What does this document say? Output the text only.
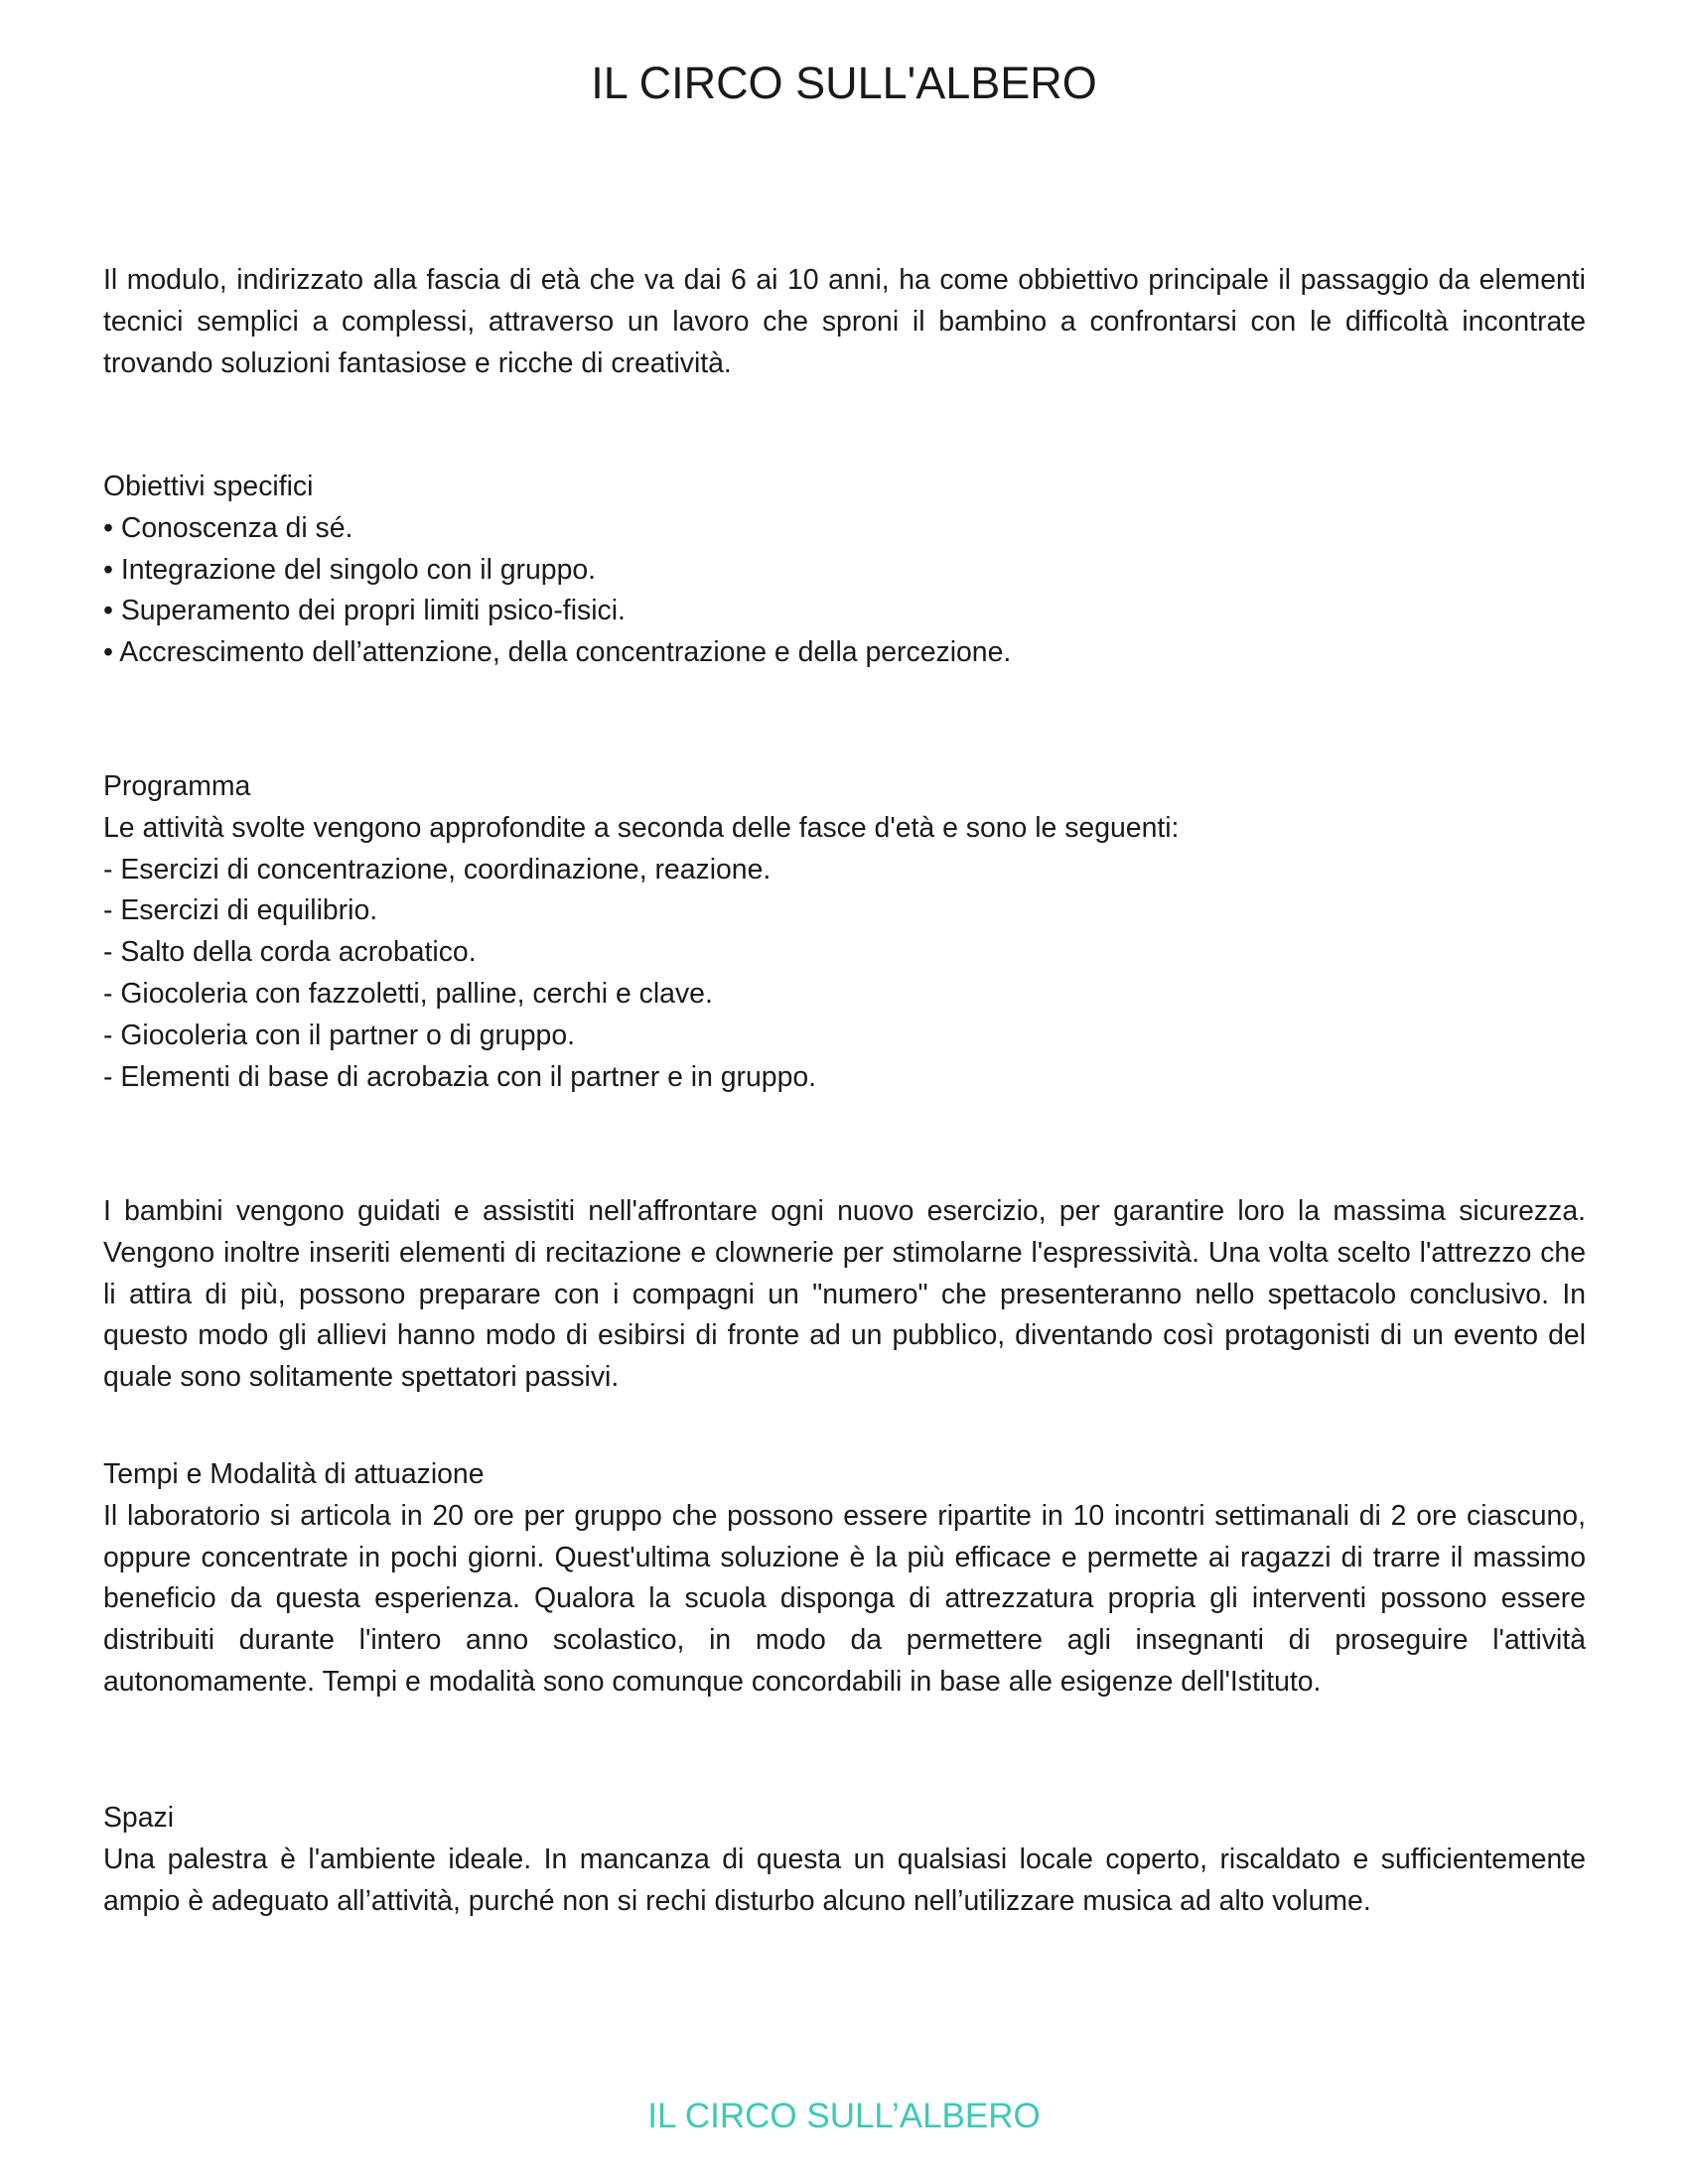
IL CIRCO SULL'ALBERO

Il modulo, indirizzato alla fascia di età che va dai 6 ai 10 anni, ha come obbiettivo principale il passaggio da elementi tecnici semplici a complessi, attraverso un lavoro che sproni il bambino a confrontarsi con le difficoltà incontrate trovando soluzioni fantasiose e ricche di creatività.

Obiettivi specifici
• Conoscenza di sé.
• Integrazione del singolo con il gruppo.
• Superamento dei propri limiti psico-fisici.
• Accrescimento dell’attenzione, della concentrazione e della percezione.
Programma
Le attività svolte vengono approfondite a seconda delle fasce d'età e sono le seguenti:
- Esercizi di concentrazione, coordinazione, reazione.
- Esercizi di equilibrio.
- Salto della corda acrobatico.
- Giocoleria con fazzoletti, palline, cerchi e clave.
- Giocoleria con il partner o di gruppo.
- Elementi di base di acrobazia con il partner e in gruppo.

I bambini vengono guidati e assistiti nell'affrontare ogni nuovo esercizio, per garantire loro la massima sicurezza. Vengono inoltre inseriti elementi di recitazione e clownerie per stimolarne l'espressività. Una volta scelto l'attrezzo che li attira di più, possono preparare con i compagni un "numero" che presenteranno nello spettacolo conclusivo. In questo modo gli allievi hanno modo di esibirsi di fronte ad un pubblico, diventando così protagonisti di un evento del quale sono solitamente spettatori passivi.

Tempi e Modalità di attuazione

Il laboratorio si articola in 20 ore per gruppo che possono essere ripartite in 10 incontri settimanali di 2 ore ciascuno, oppure concentrate in pochi giorni. Quest'ultima soluzione è la più efficace e permette ai ragazzi di trarre il massimo beneficio da questa esperienza. Qualora la scuola disponga di attrezzatura propria gli interventi possono essere distribuiti durante l'intero anno scolastico, in modo da permettere agli insegnanti di proseguire l'attività autonomamente. Tempi e modalità sono comunque concordabili in base alle esigenze dell'Istituto.

Spazi

Una palestra è l'ambiente ideale. In mancanza di questa un qualsiasi locale coperto, riscaldato e sufficientemente ampio è adeguato all’attività, purché non si rechi disturbo alcuno nell’utilizzare musica ad alto volume.

IL CIRCO SULL’ALBERO
